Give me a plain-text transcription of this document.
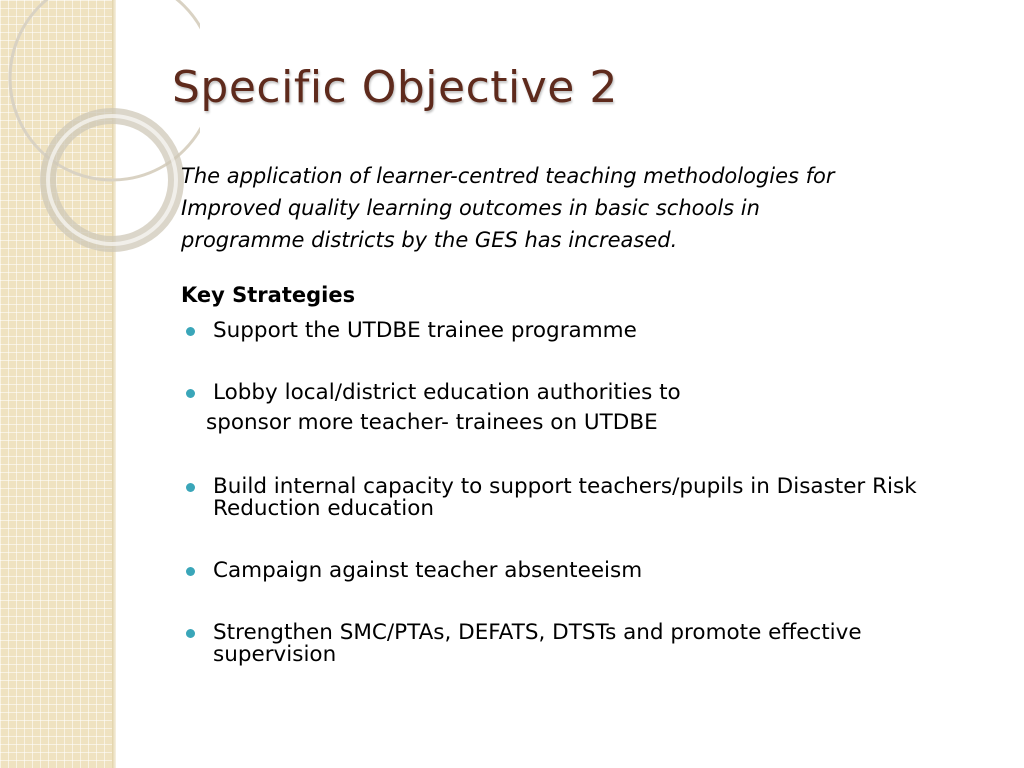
Specific Objective 2

The application of learner-centred teaching methodologies for
Improved quality learning outcomes in basic schools in
programme districts by the GES has increased.

Key Strategies
Support the UTDBE trainee programme
Lobby local/district education authorities to
sponsor more teacher- trainees on UTDBE
Build internal capacity to support teachers/pupils in Disaster Risk Reduction education
Campaign against teacher absenteeism
Strengthen SMC/PTAs, DEFATS, DTSTs and promote effective supervision
